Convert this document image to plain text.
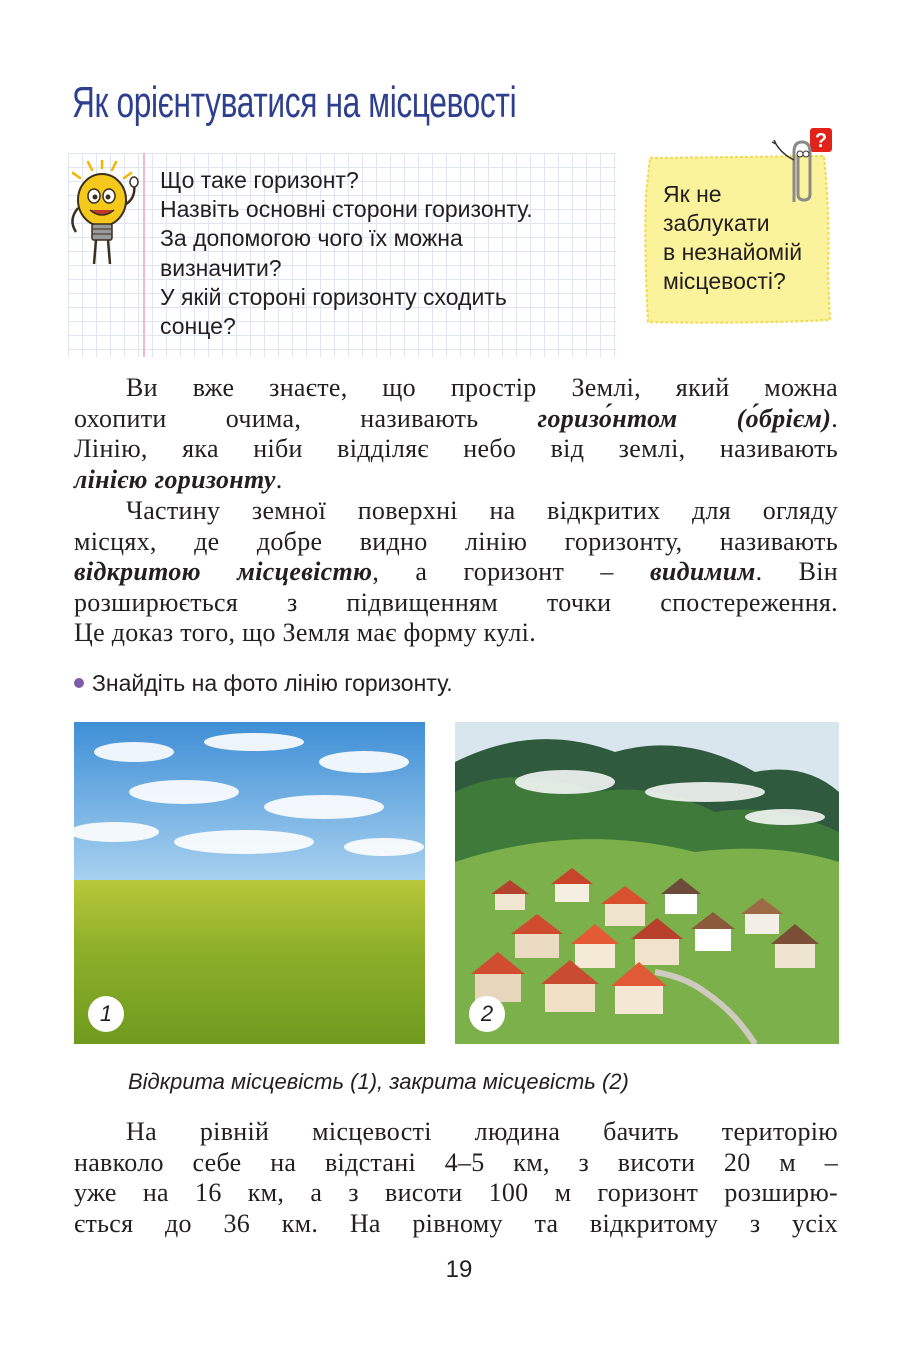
Як орієнтуватися на місцевості
Що таке горизонт?
Назвіть основні сторони горизонту.
За допомогою чого їх можна
визначити?
У якій стороні горизонту сходить
сонце?

Як не
заблукати
в незнайомій
місцевості?

?
Ви вже знаєте, що простір Землі, який можна
охопити очима, називають горизо́нтом (о́брієм).
Лінію, яка ніби відділяє небо від землі, називають
лінією горизонту.
Частину земної поверхні на відкритих для огляду
місцях, де добре видно лінію горизонту, називають
відкритою місцевістю, а горизонт – видимим. Він
розширюється з підвищенням точки спостереження.
Це доказ того, що Земля має форму кулі.

Знайдіть на фото лінію горизонту.

1	2

Відкрита місцевість (1), закрита місцевість (2)

На рівній місцевості людина бачить територію
навколо себе на відстані 4–5 км, з висоти 20 м –
уже на 16 км, а з висоти 100 м горизонт розширю-
ється до 36 км. На рівному та відкритому з усіх

19
